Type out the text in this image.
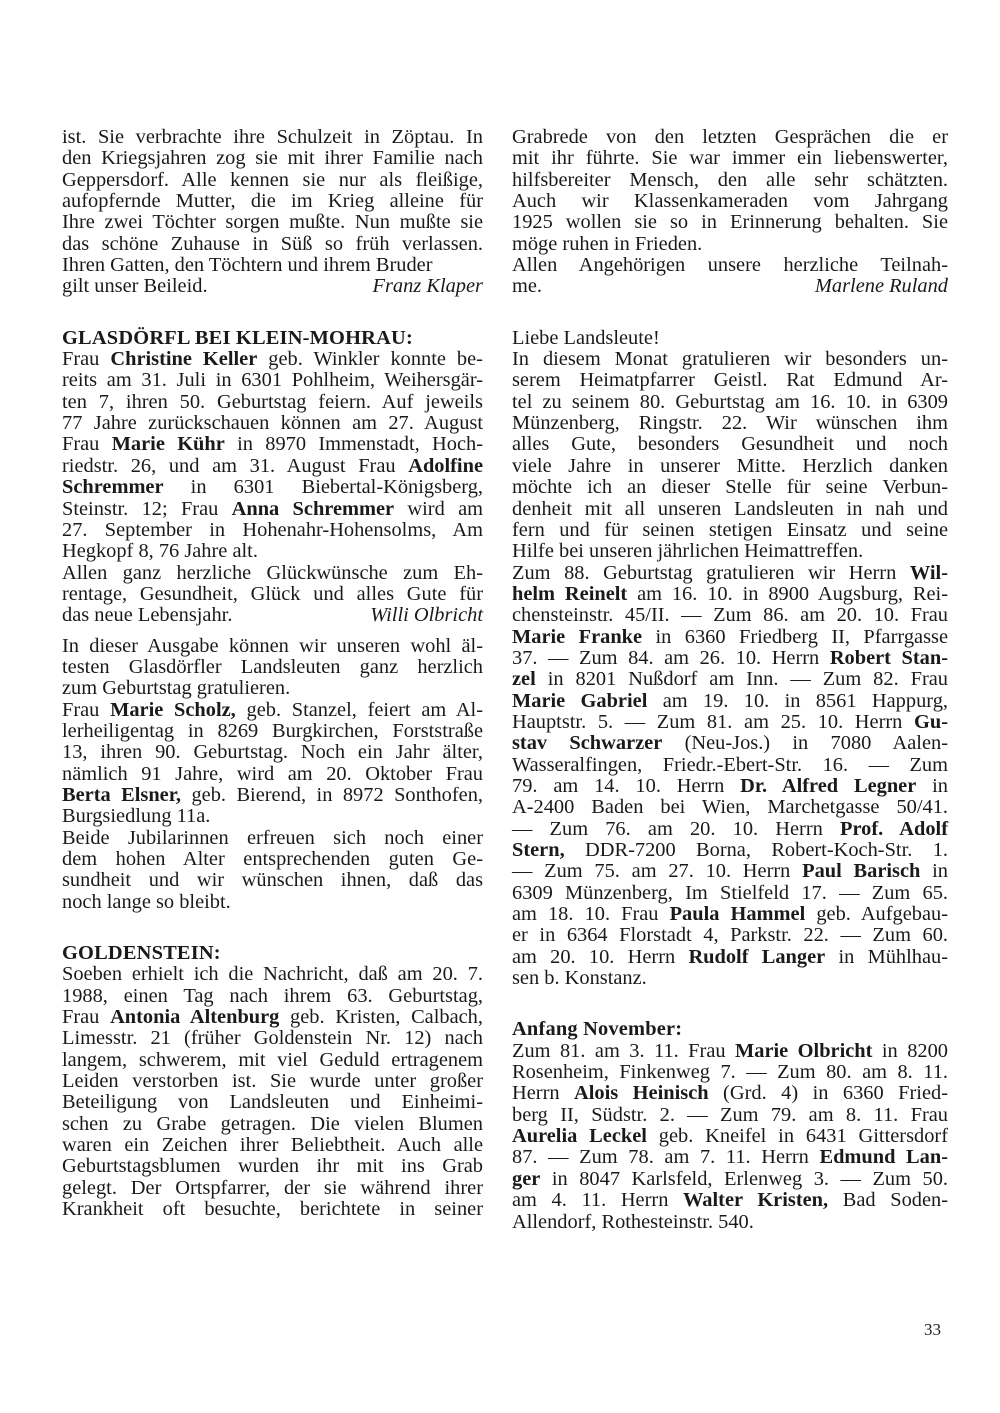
ist. Sie verbrachte ihre Schulzeit in Zöptau. In
den Kriegsjahren zog sie mit ihrer Familie nach
Geppersdorf. Alle kennen sie nur als fleißige,
aufopfernde Mutter, die im Krieg alleine für
Ihre zwei Töchter sorgen mußte. Nun mußte sie
das schöne Zuhause in Süß so früh verlassen.
Ihren Gatten, den Töchtern und ihrem Bruder
gilt unser Beileid.	Franz Klaper
GLASDÖRFL BEI KLEIN-MOHRAU:
Frau Christine Keller geb. Winkler konnte be-
reits am 31. Juli in 6301 Pohlheim, Weihersgär-
ten 7, ihren 50. Geburtstag feiern. Auf jeweils
77 Jahre zurückschauen können am 27. August
Frau Marie Kühr in 8970 Immenstadt, Hoch-
riedstr. 26, und am 31. August Frau Adolfine
Schremmer in 6301 Biebertal-Königsberg,
Steinstr. 12; Frau Anna Schremmer wird am
27. September in Hohenahr-Hohensolms, Am
Hegkopf 8, 76 Jahre alt.
Allen ganz herzliche Glückwünsche zum Eh-
rentage, Gesundheit, Glück und alles Gute für
das neue Lebensjahr.	Willi Olbricht
In dieser Ausgabe können wir unseren wohl äl-
testen Glasdörfler Landsleuten ganz herzlich
zum Geburtstag gratulieren.
Frau Marie Scholz, geb. Stanzel, feiert am Al-
lerheiligentag in 8269 Burgkirchen, Forststraße
13, ihren 90. Geburtstag. Noch ein Jahr älter,
nämlich 91 Jahre, wird am 20. Oktober Frau
Berta Elsner, geb. Bierend, in 8972 Sonthofen,
Burgsiedlung 11a.
Beide Jubilarinnen erfreuen sich noch einer
dem hohen Alter entsprechenden guten Ge-
sundheit und wir wünschen ihnen, daß das
noch lange so bleibt.
GOLDENSTEIN:
Soeben erhielt ich die Nachricht, daß am 20. 7.
1988, einen Tag nach ihrem 63. Geburtstag,
Frau Antonia Altenburg geb. Kristen, Calbach,
Limesstr. 21 (früher Goldenstein Nr. 12) nach
langem, schwerem, mit viel Geduld ertragenem
Leiden verstorben ist. Sie wurde unter großer
Beteiligung von Landsleuten und Einheimi-
schen zu Grabe getragen. Die vielen Blumen
waren ein Zeichen ihrer Beliebtheit. Auch alle
Geburtstagsblumen wurden ihr mit ins Grab
gelegt. Der Ortspfarrer, der sie während ihrer
Krankheit oft besuchte, berichtete in seiner
Grabrede von den letzten Gesprächen die er
mit ihr führte. Sie war immer ein liebenswerter,
hilfsbereiter Mensch, den alle sehr schätzten.
Auch wir Klassenkameraden vom Jahrgang
1925 wollen sie so in Erinnerung behalten. Sie
möge ruhen in Frieden.
Allen Angehörigen unsere herzliche Teilnah-
me.	Marlene Ruland
Liebe Landsleute!
In diesem Monat gratulieren wir besonders un-
serem Heimatpfarrer Geistl. Rat Edmund Ar-
tel zu seinem 80. Geburtstag am 16. 10. in 6309
Münzenberg, Ringstr. 22. Wir wünschen ihm
alles Gute, besonders Gesundheit und noch
viele Jahre in unserer Mitte. Herzlich danken
möchte ich an dieser Stelle für seine Verbun-
denheit mit all unseren Landsleuten in nah und
fern und für seinen stetigen Einsatz und seine
Hilfe bei unseren jährlichen Heimattreffen.
Zum 88. Geburtstag gratulieren wir Herrn Wil-
helm Reinelt am 16. 10. in 8900 Augsburg, Rei-
chensteinstr. 45/II. — Zum 86. am 20. 10. Frau
Marie Franke in 6360 Friedberg II, Pfarrgasse
37. — Zum 84. am 26. 10. Herrn Robert Stan-
zel in 8201 Nußdorf am Inn. — Zum 82. Frau
Marie Gabriel am 19. 10. in 8561 Happurg,
Hauptstr. 5. — Zum 81. am 25. 10. Herrn Gu-
stav Schwarzer (Neu-Jos.) in 7080 Aalen-
Wasseralfingen, Friedr.-Ebert-Str. 16. — Zum
79. am 14. 10. Herrn Dr. Alfred Legner in
A-2400 Baden bei Wien, Marchetgasse 50/41.
— Zum 76. am 20. 10. Herrn Prof. Adolf
Stern, DDR-7200 Borna, Robert-Koch-Str. 1.
— Zum 75. am 27. 10. Herrn Paul Barisch in
6309 Münzenberg, Im Stielfeld 17. — Zum 65.
am 18. 10. Frau Paula Hammel geb. Aufgebau-
er in 6364 Florstadt 4, Parkstr. 22. — Zum 60.
am 20. 10. Herrn Rudolf Langer in Mühlhau-
sen b. Konstanz.
Anfang November:
Zum 81. am 3. 11. Frau Marie Olbricht in 8200
Rosenheim, Finkenweg 7. — Zum 80. am 8. 11.
Herrn Alois Heinisch (Grd. 4) in 6360 Fried-
berg II, Südstr. 2. — Zum 79. am 8. 11. Frau
Aurelia Leckel geb. Kneifel in 6431 Gittersdorf
87. — Zum 78. am 7. 11. Herrn Edmund Lan-
ger in 8047 Karlsfeld, Erlenweg 3. — Zum 50.
am 4. 11. Herrn Walter Kristen, Bad Soden-
Allendorf, Rothesteinstr. 540.
33
